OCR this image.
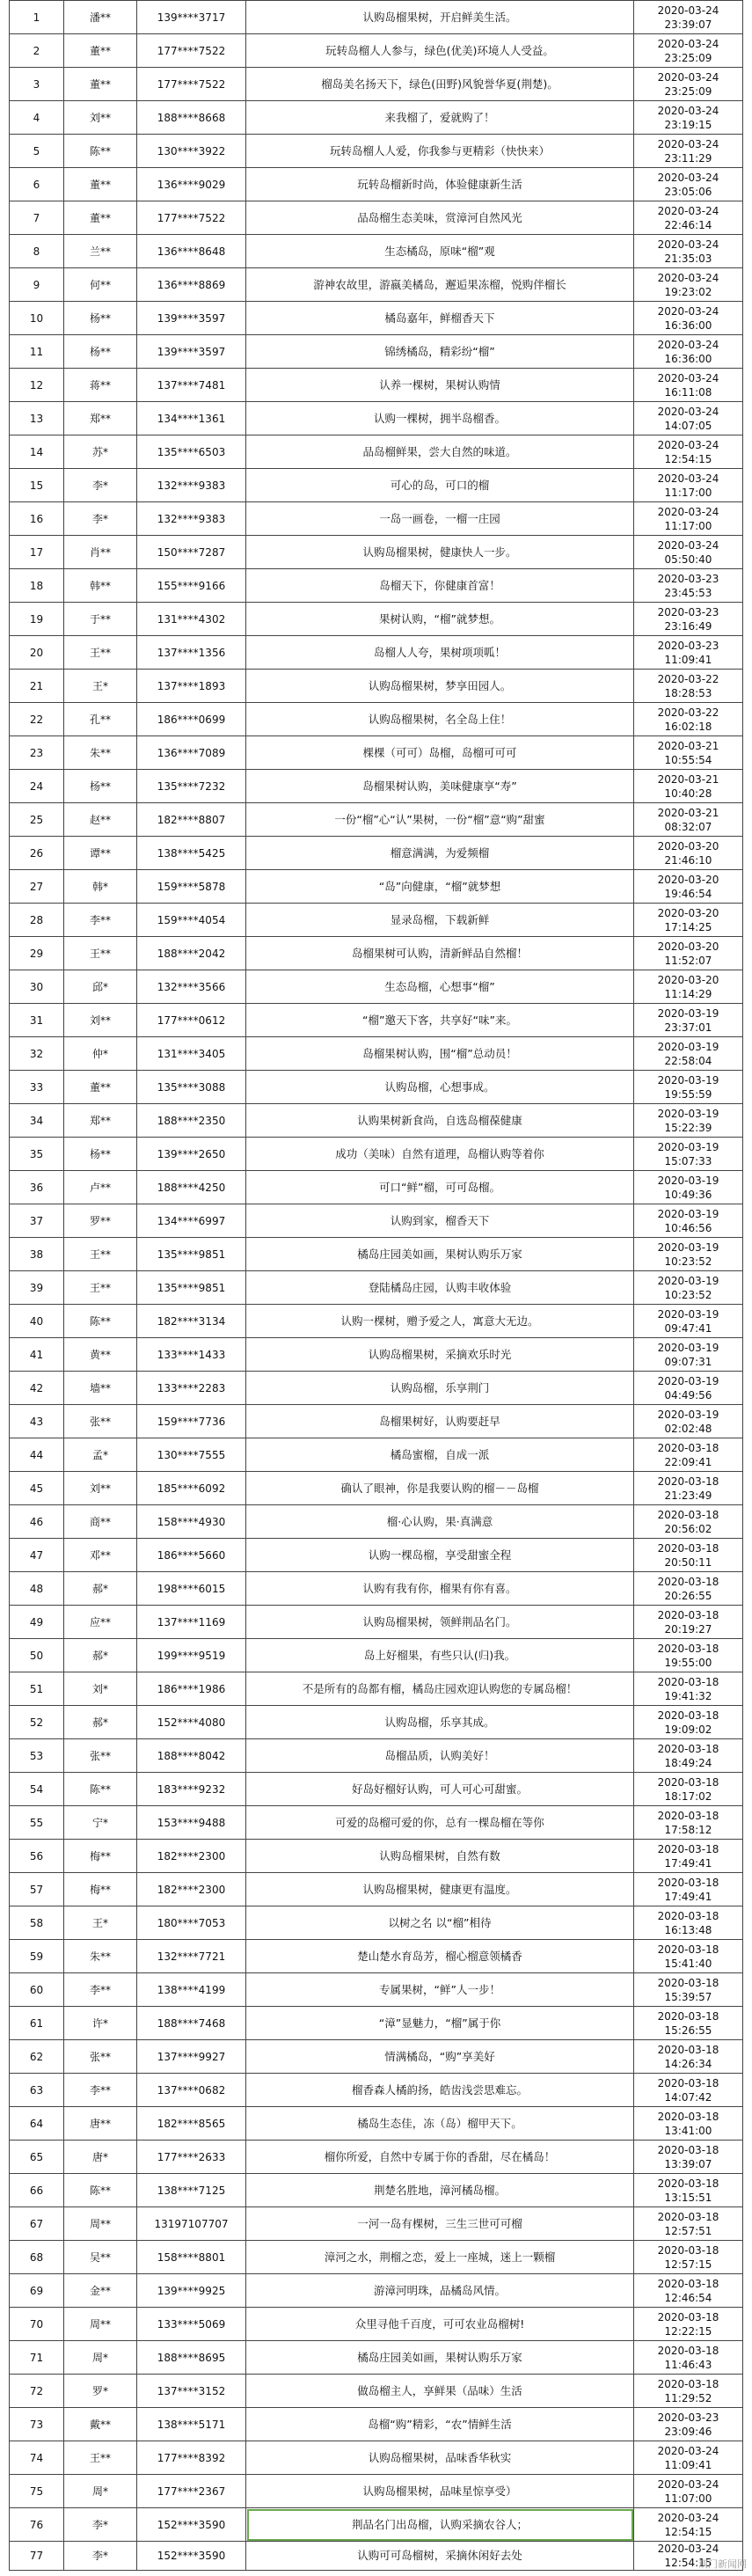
1	潘**	139****3717	认购岛榴果树，开启鲜美生活。	2020-03-24
23:39:07

2	董**	177****7522	玩转岛榴人人参与，绿色(优美)环境人人受益。	2020-03-24
23:25:09

3	董**	177****7522	榴岛美名扬天下，绿色(田野)风貌誉华夏(荆楚)。	2020-03-24
23:25:09

4	刘**	188****8668	来我榴了，爱就购了！	2020-03-24
23:19:15

5	陈**	130****3922	玩转岛榴人人爱，你我参与更精彩（快快来）	2020-03-24
23:11:29

6	董**	136****9029	玩转岛榴新时尚，体验健康新生活	2020-03-24
23:05:06

7	董**	177****7522	品岛榴生态美味，赏漳河自然风光	2020-03-24
22:46:14

8	兰**	136****8648	生态橘岛，原味“榴”观	2020-03-24
21:35:03

9	何**	136****8869	游神农故里，游嬴美橘岛，邂逅果冻榴，悦购伴榴长	2020-03-24
19:23:02

10	杨**	139****3597	橘岛嘉年，鲜榴香天下	2020-03-24
16:36:00

11	杨**	139****3597	锦绣橘岛，精彩纷“榴”	2020-03-24
16:36:00

12	蒋**	137****7481	认养一棵树，果树认购情	2020-03-24
16:11:08

13	郑**	134****1361	认购一棵树，拥半岛榴香。	2020-03-24
14:07:05

14	苏*	135****6503	品岛榴鲜果，尝大自然的味道。	2020-03-24
12:54:15

15	李*	132****9383	可心的岛，可口的榴	2020-03-24
11:17:00

16	李*	132****9383	一岛一画卷，一榴一庄园	2020-03-24
11:17:00

17	肖**	150****7287	认购岛榴果树，健康快人一步。	2020-03-24
05:50:40

18	韩**	155****9166	岛榴天下，你健康首富！	2020-03-23
23:45:53

19	于**	131****4302	果树认购，“榴”就梦想。	2020-03-23
23:16:49

20	王**	137****1356	岛榴人人夸，果树项项呱！	2020-03-23
11:09:41

21	王*	137****1893	认购岛榴果树，梦享田园人。	2020-03-22
18:28:53

22	孔**	186****0699	认购岛榴果树，名全岛上住！	2020-03-22
16:02:18

23	朱**	136****7089	棵棵（可可）岛榴，岛榴可可可	2020-03-21
10:55:54

24	杨**	135****7232	岛榴果树认购，美味健康享“寿”	2020-03-21
10:40:28

25	赵**	182****8807	一份“榴”心“认”果树，一份“榴”意“购”甜蜜	2020-03-21
08:32:07

26	谭**	138****5425	榴意满满，为爱频榴	2020-03-20
21:46:10

27	韩*	159****5878	“岛”向健康，“榴”就梦想	2020-03-20
19:46:54

28	李**	159****4054	显录岛榴，下载新鲜	2020-03-20
17:14:25

29	王**	188****2042	岛榴果树可认购，清新鲜品自然榴！	2020-03-20
11:52:07

30	邱*	132****3566	生态岛榴，心想事“榴”	2020-03-20
11:14:29

31	刘**	177****0612	“榴”邀天下客，共享好“味”来。	2020-03-19
23:37:01

32	仲*	131****3405	岛榴果树认购，围“榴”总动员！	2020-03-19
22:58:04

33	董**	135****3088	认购岛榴，心想事成。	2020-03-19
19:55:59

34	郑**	188****2350	认购果树新食尚，自选岛榴葆健康	2020-03-19
15:22:39

35	杨**	139****2650	成功（美味）自然有道理，岛榴认购等着你	2020-03-19
15:07:33

36	卢**	188****4250	可口“鲜”榴，可可岛榴。	2020-03-19
10:49:36

37	罗**	134****6997	认购到家，榴香天下	2020-03-19
10:46:56

38	王**	135****9851	橘岛庄园美如画，果树认购乐万家	2020-03-19
10:23:52

39	王**	135****9851	登陆橘岛庄园，认购丰收体验	2020-03-19
10:23:52

40	陈**	182****3134	认购一棵树，赠予爱之人，寓意大无边。	2020-03-19
09:47:41

41	黄**	133****1433	认购岛榴果树，采摘欢乐时光	2020-03-19
09:07:31

42	墙**	133****2283	认购岛榴，乐享荆门	2020-03-19
04:49:56

43	张**	159****7736	岛榴果树好，认购要赶早	2020-03-19
02:02:48

44	孟*	130****7555	橘岛蜜榴，自成一派	2020-03-18
22:09:41

45	刘**	185****6092	确认了眼神，你是我要认购的榴－－岛榴	2020-03-18
21:23:49

46	商**	158****4930	榴·心认购，果·真满意	2020-03-18
20:56:02

47	邓**	186****5660	认购一棵岛榴，享受甜蜜全程	2020-03-18
20:50:11

48	郝*	198****6015	认购有我有你，榴果有你有喜。	2020-03-18
20:26:55

49	应**	137****1169	认购岛榴果树，领鲜荆品名门。	2020-03-18
20:19:27

50	郝*	199****9519	岛上好榴果，有些只认(归)我。	2020-03-18
19:55:00

51	刘*	186****1986	不是所有的岛都有榴，橘岛庄园欢迎认购您的专属岛榴！	2020-03-18
19:41:32

52	郝*	152****4080	认购岛榴，乐享其成。	2020-03-18
19:09:02

53	张**	188****8042	岛榴品质，认购美好！	2020-03-18
18:49:24

54	陈**	183****9232	好岛好榴好认购，可人可心可甜蜜。	2020-03-18
18:17:02

55	宁*	153****9488	可爱的岛榴可爱的你，总有一棵岛榴在等你	2020-03-18
17:58:12

56	梅**	182****2300	认购岛榴果树，自然有数	2020-03-18
17:49:41

57	梅**	182****2300	认购岛榴果树，健康更有温度。	2020-03-18
17:49:41

58	王*	180****7053	以树之名 以“榴”相待	2020-03-18
16:13:48

59	朱**	132****7721	楚山楚水育岛芳，榴心榴意领橘香	2020-03-18
15:41:40

60	李**	138****4199	专属果树，“鲜”人一步！	2020-03-18
15:39:57

61	许*	188****7468	“漳”显魅力，“榴”属于你	2020-03-18
15:26:55

62	张**	137****9927	情满橘岛，“购”享美好	2020-03-18
14:26:34

63	李**	137****0682	榴香森人橘韵扬，皓齿浅尝思难忘。	2020-03-18
14:07:42

64	唐**	182****8565	橘岛生态佳，冻（岛）榴甲天下。	2020-03-18
13:41:00

65	唐*	177****2633	榴你所爱，自然中专属于你的香甜，尽在橘岛！	2020-03-18
13:39:07

66	陈**	138****7125	荆楚名胜地，漳河橘岛榴。	2020-03-18
13:15:51

67	周**	13197107707	一河一岛有棵树，三生三世可可榴	2020-03-18
12:57:51

68	吴**	158****8801	漳河之水，荆榴之恋，爱上一座城，迷上一颗榴	2020-03-18
12:57:15

69	金**	139****9925	游漳河明珠，品橘岛风情。	2020-03-18
12:46:54

70	周**	133****5069	众里寻他千百度，可可农业岛榴树!	2020-03-18
12:22:15

71	周*	188****8695	橘岛庄园美如画，果树认购乐万家	2020-03-18
11:46:43

72	罗*	137****3152	做岛榴主人，享鲜果（品味）生活	2020-03-18
11:29:52

73	戴**	138****5171	岛榴“购”精彩，“农”情鲜生活	2020-03-23
23:09:46

74	王**	177****8392	认购岛榴果树，品味香华秋实	2020-03-24
11:09:41

75	周*	177****2367	认购岛榴果树，品味星惊享受）	2020-03-24
11:07:00

76	李*	152****3590	荆品名门出岛榴，认购采摘农谷人；	2020-03-24
12:54:15

77	李*	152****3590	认购可可岛榴树，采摘休闲好去处	2020-03-24
12:54:15
荆门新闻网
